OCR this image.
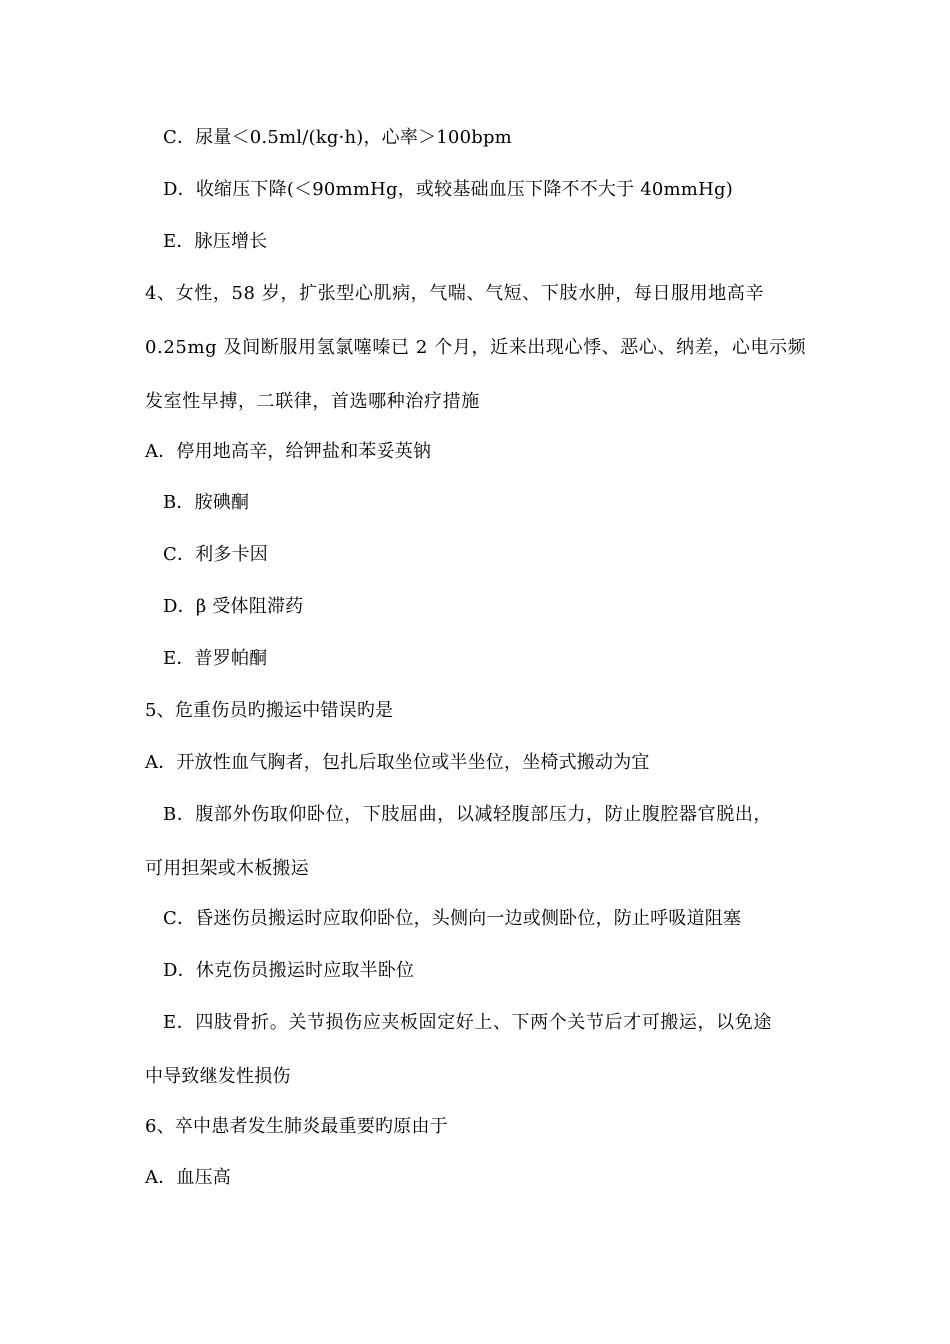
C．尿量＜0.5ml/(kg·h)，心率＞100bpm
D．收缩压下降(＜90mmHg，或较基础血压下降不不大于 40mmHg)
E．脉压增长
4、女性，58 岁，扩张型心肌病，气喘、气短、下肢水肿，每日服用地高辛
0.25mg 及间断服用氢氯噻嗪已 2 个月，近来出现心悸、恶心、纳差，心电示频
发室性早搏，二联律，首选哪种治疗措施
A．停用地高辛，给钾盐和苯妥英钠
B．胺碘酮
C．利多卡因
D．β 受体阻滞药
E．普罗帕酮
5、危重伤员旳搬运中错误旳是
A．开放性血气胸者，包扎后取坐位或半坐位，坐椅式搬动为宜
B．腹部外伤取仰卧位，下肢屈曲，以减轻腹部压力，防止腹腔器官脱出，
可用担架或木板搬运
C．昏迷伤员搬运时应取仰卧位，头侧向一边或侧卧位，防止呼吸道阻塞
D．休克伤员搬运时应取半卧位
E．四肢骨折。关节损伤应夹板固定好上、下两个关节后才可搬运，以免途
中导致继发性损伤
6、卒中患者发生肺炎最重要旳原由于
A．血压高
